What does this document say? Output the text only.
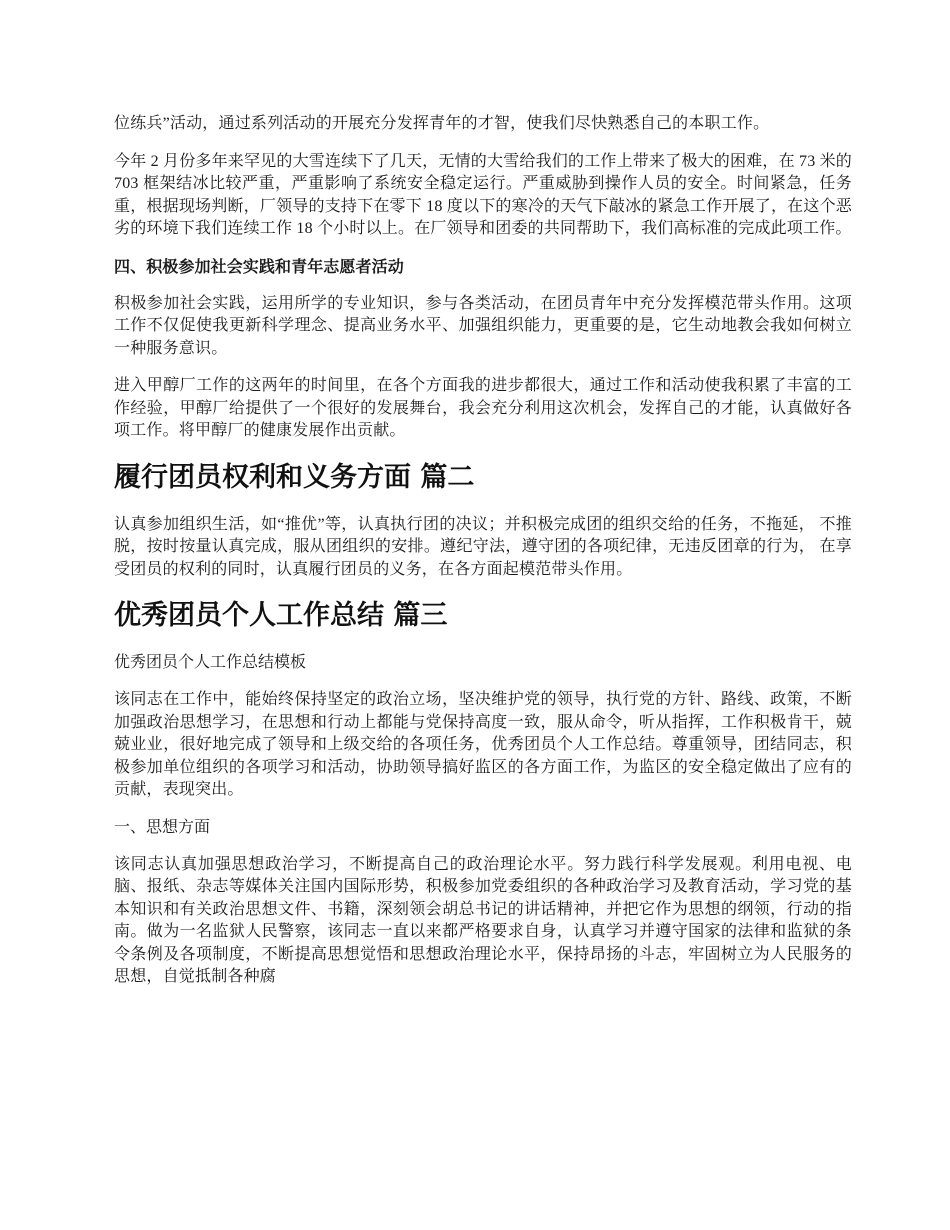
位练兵”活动，通过系列活动的开展充分发挥青年的才智，使我们尽快熟悉自己的本职工作。

今年 2 月份多年来罕见的大雪连续下了几天，无情的大雪给我们的工作上带来了极大的困难，在 73 米的 703 框架结冰比较严重，严重影响了系统安全稳定运行。严重威胁到操作人员的安全。时间紧急，任务重，根据现场判断，厂领导的支持下在零下 18 度以下的寒冷的天气下敲冰的紧急工作开展了，在这个恶劣的环境下我们连续工作 18 个小时以上。在厂领导和团委的共同帮助下，我们高标准的完成此项工作。

四、积极参加社会实践和青年志愿者活动

积极参加社会实践，运用所学的专业知识，参与各类活动，在团员青年中充分发挥模范带头作用。这项工作不仅促使我更新科学理念、提高业务水平、加强组织能力，更重要的是，它生动地教会我如何树立一种服务意识。

进入甲醇厂工作的这两年的时间里，在各个方面我的进步都很大，通过工作和活动使我积累了丰富的工作经验，甲醇厂给提供了一个很好的发展舞台，我会充分利用这次机会，发挥自己的才能，认真做好各项工作。将甲醇厂的健康发展作出贡献。

履行团员权利和义务方面 篇二

认真参加组织生活，如“推优”等，认真执行团的决议；并积极完成团的组织交给的任务，不拖延， 不推脱，按时按量认真完成，服从团组织的安排。遵纪守法，遵守团的各项纪律，无违反团章的行为， 在享受团员的权利的同时，认真履行团员的义务，在各方面起模范带头作用。

优秀团员个人工作总结 篇三

优秀团员个人工作总结模板

该同志在工作中，能始终保持坚定的政治立场，坚决维护党的领导，执行党的方针、路线、政策，不断加强政治思想学习，在思想和行动上都能与党保持高度一致，服从命令，听从指挥，工作积极肯干，兢兢业业，很好地完成了领导和上级交给的各项任务，优秀团员个人工作总结。尊重领导，团结同志，积极参加单位组织的各项学习和活动，协助领导搞好监区的各方面工作，为监区的安全稳定做出了应有的贡献，表现突出。

一、思想方面

该同志认真加强思想政治学习，不断提高自己的政治理论水平。努力践行科学发展观。利用电视、电脑、报纸、杂志等媒体关注国内国际形势，积极参加党委组织的各种政治学习及教育活动，学习党的基本知识和有关政治思想文件、书籍，深刻领会胡总书记的讲话精神，并把它作为思想的纲领，行动的指南。做为一名监狱人民警察，该同志一直以来都严格要求自身，认真学习并遵守国家的法律和监狱的条令条例及各项制度，不断提高思想觉悟和思想政治理论水平，保持昂扬的斗志，牢固树立为人民服务的思想，自觉抵制各种腐
